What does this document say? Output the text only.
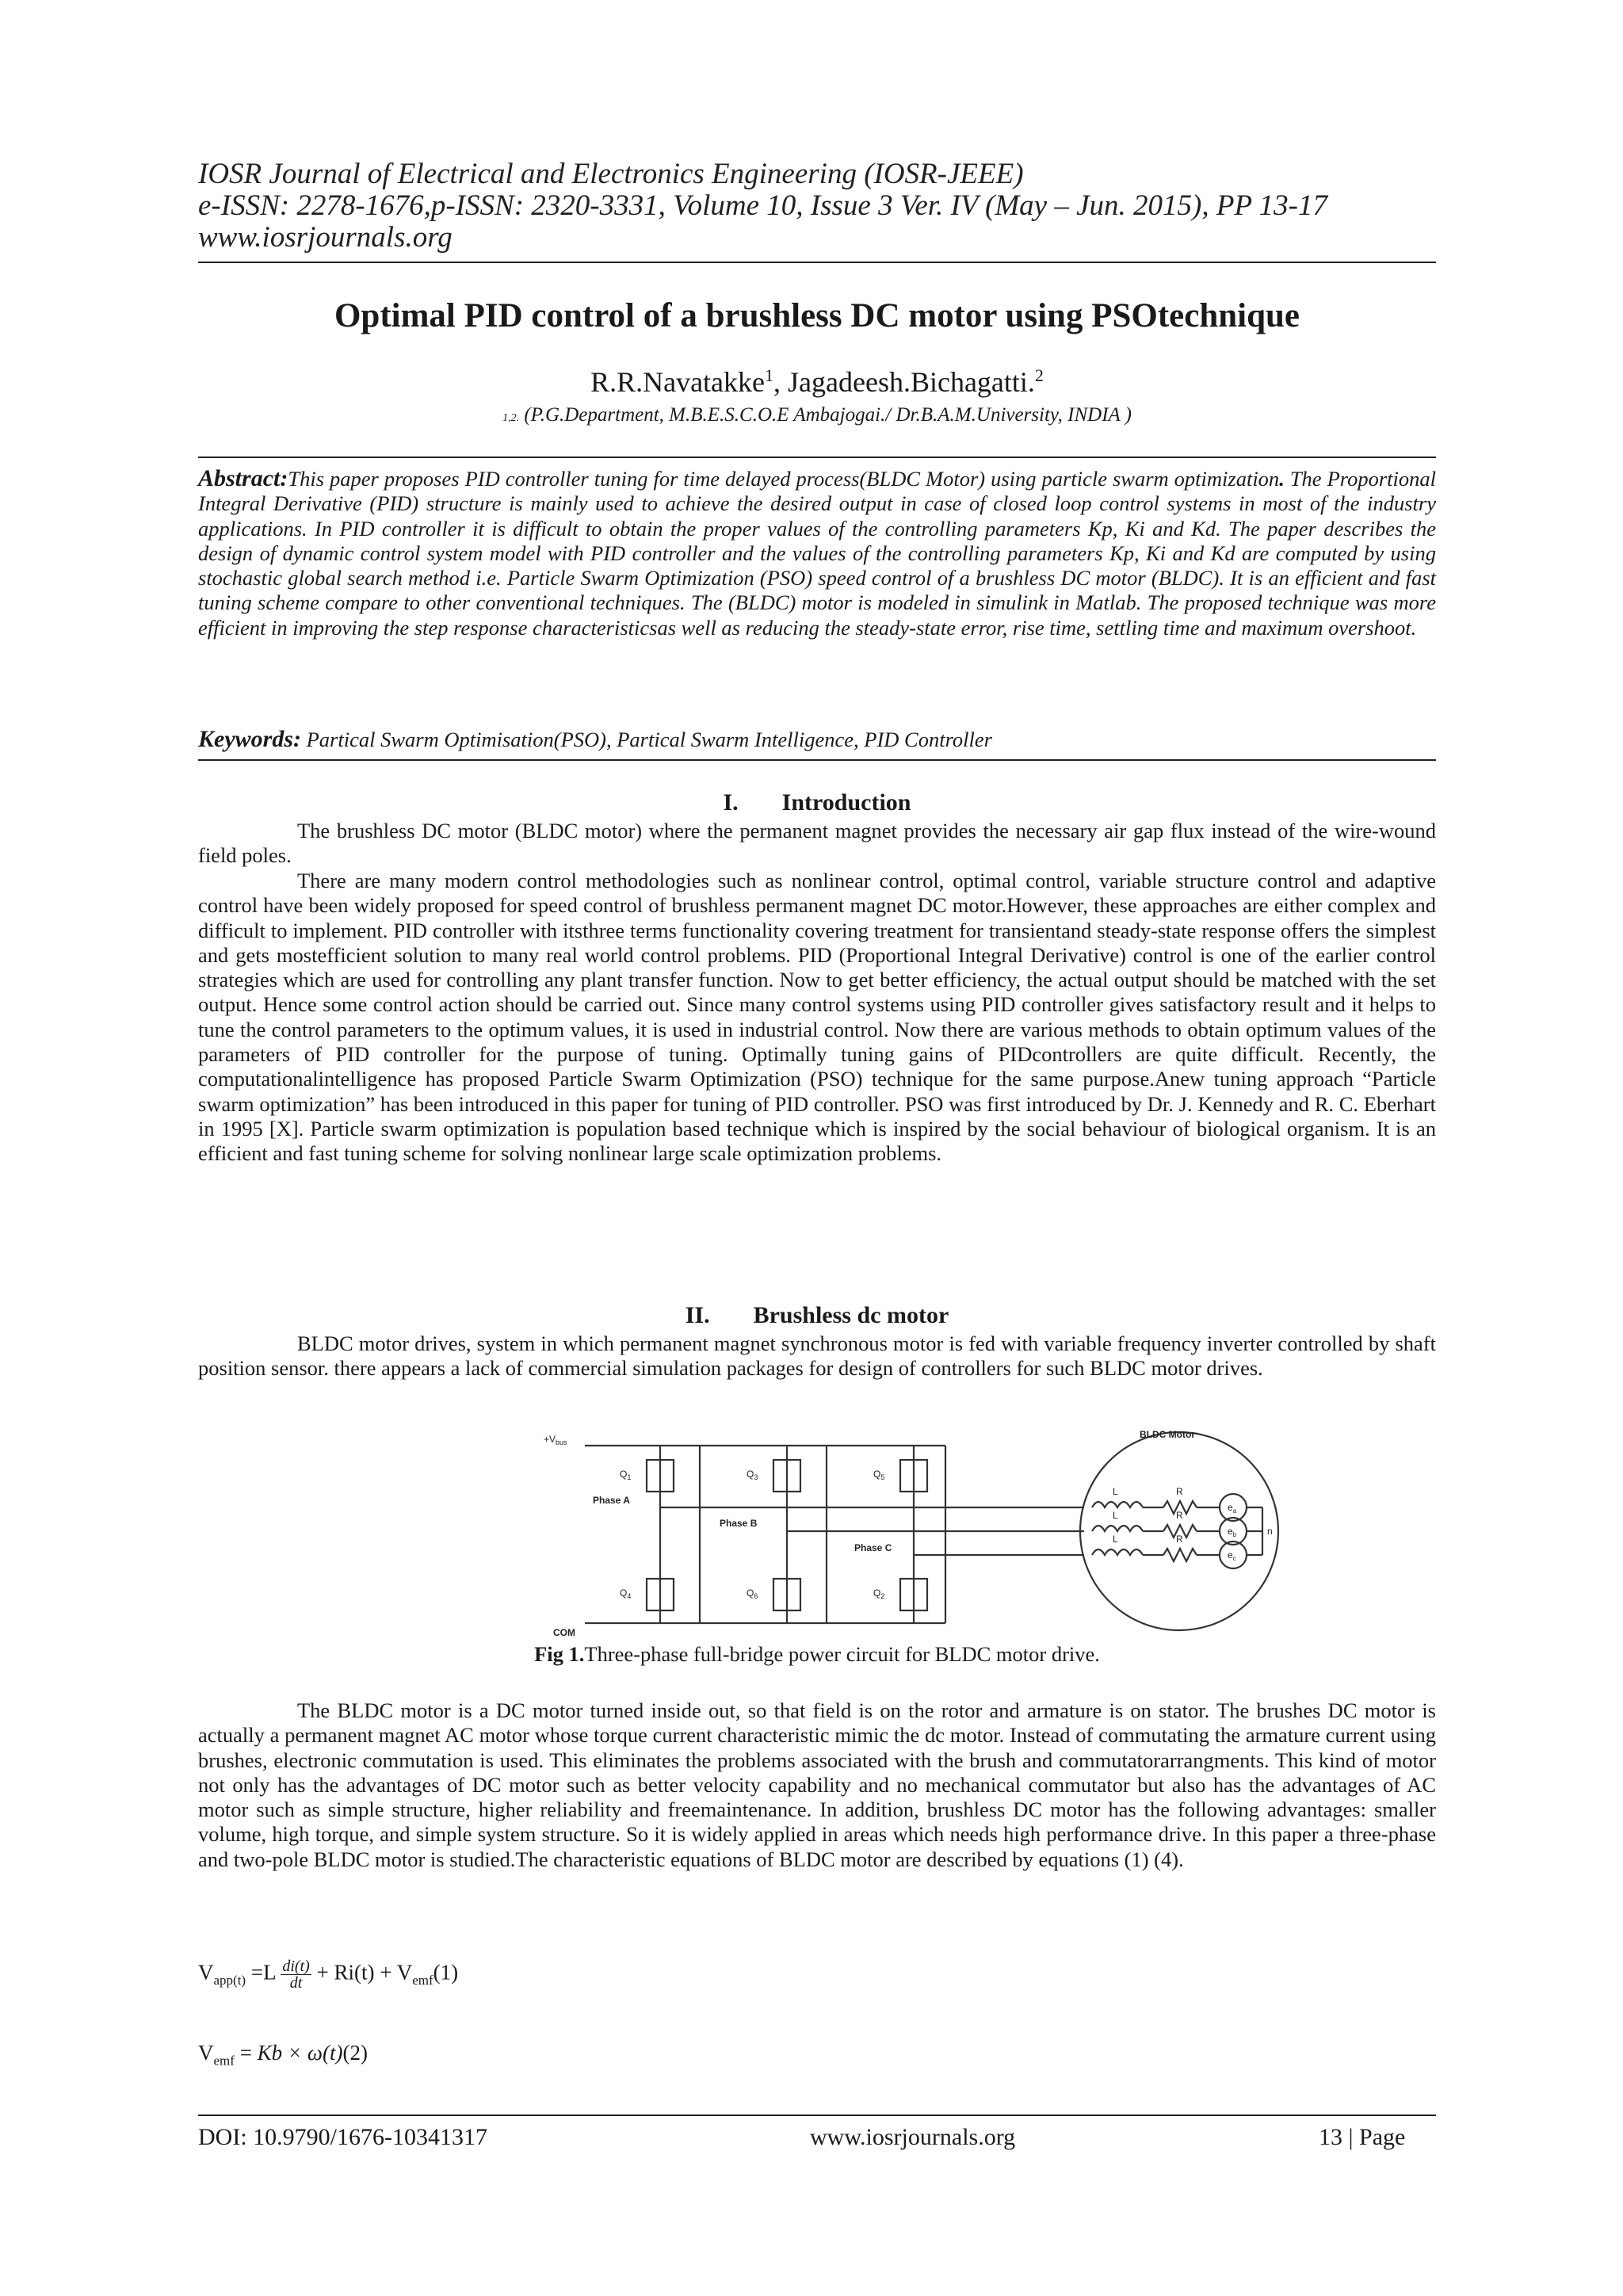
IOSR Journal of Electrical and Electronics Engineering (IOSR-JEEE)
e-ISSN: 2278-1676,p-ISSN: 2320-3331, Volume 10, Issue 3 Ver. IV (May – Jun. 2015), PP 13-17
www.iosrjournals.org
Optimal PID control of a brushless DC motor using PSOtechnique
R.R.Navatakke$^1$, Jagadeesh.Bichagatti.$^2$
1,2. (P.G.Department, M.B.E.S.C.O.E Ambajogai./ Dr.B.A.M.University, INDIA )
Abstract:This paper proposes PID controller tuning for time delayed process(BLDC Motor) using particle swarm optimization. The Proportional Integral Derivative (PID) structure is mainly used to achieve the desired output in case of closed loop control systems in most of the industry applications. In PID controller it is difficult to obtain the proper values of the controlling parameters Kp, Ki and Kd. The paper describes the design of dynamic control system model with PID controller and the values of the controlling parameters Kp, Ki and Kd are computed by using stochastic global search method i.e. Particle Swarm Optimization (PSO) speed control of a brushless DC motor (BLDC). It is an efficient and fast tuning scheme compare to other conventional techniques. The (BLDC) motor is modeled in simulink in Matlab. The proposed technique was more efficient in improving the step response characteristicsas well as reducing the steady-state error, rise time, settling time and maximum overshoot.
Keywords: Partical Swarm Optimisation(PSO), Partical Swarm Intelligence, PID Controller
I. Introduction
The brushless DC motor (BLDC motor) where the permanent magnet provides the necessary air gap flux instead of the wire-wound field poles.
There are many modern control methodologies such as nonlinear control, optimal control, variable structure control and adaptive control have been widely proposed for speed control of brushless permanent magnet DC motor.However, these approaches are either complex and difficult to implement. PID controller with itsthree terms functionality covering treatment for transientand steady-state response offers the simplest and gets mostefficient solution to many real world control problems. PID (Proportional Integral Derivative) control is one of the earlier control strategies which are used for controlling any plant transfer function. Now to get better efficiency, the actual output should be matched with the set output. Hence some control action should be carried out. Since many control systems using PID controller gives satisfactory result and it helps to tune the control parameters to the optimum values, it is used in industrial control. Now there are various methods to obtain optimum values of the parameters of PID controller for the purpose of tuning. Optimally tuning gains of PIDcontrollers are quite difficult. Recently, the computationalintelligence has proposed Particle Swarm Optimization (PSO) technique for the same purpose.Anew tuning approach “Particle swarm optimization” has been introduced in this paper for tuning of PID controller. PSO was first introduced by Dr. J. Kennedy and R. C. Eberhart in 1995 [X]. Particle swarm optimization is population based technique which is inspired by the social behaviour of biological organism. It is an efficient and fast tuning scheme for solving nonlinear large scale optimization problems.
II. Brushless dc motor
BLDC motor drives, system in which permanent magnet synchronous motor is fed with variable frequency inverter controlled by shaft position sensor. there appears a lack of commercial simulation packages for design of controllers for such BLDC motor drives.
$+V_{bus}$
BLDC Motor
Phase A
Phase B
Phase C
COM
$Q_1$	$Q_3$	$Q_5$
$Q_4$	$Q_6$	$Q_2$
L
L
L
R
R
R
$e_a$
$e_b$
$e_c$
n
Fig 1.Three-phase full-bridge power circuit for BLDC motor drive.
The BLDC motor is a DC motor turned inside out, so that field is on the rotor and armature is on stator. The brushes DC motor is actually a permanent magnet AC motor whose torque current characteristic mimic the dc motor. Instead of commutating the armature current using brushes, electronic commutation is used. This eliminates the problems associated with the brush and commutatorarrangments. This kind of motor not only has the advantages of DC motor such as better velocity capability and no mechanical commutator but also has the advantages of AC motor such as simple structure, higher reliability and freemaintenance. In addition, brushless DC motor has the following advantages: smaller volume, high torque, and simple system structure. So it is widely applied in areas which needs high performance drive. In this paper a three-phase and two-pole BLDC motor is studied.The characteristic equations of BLDC motor are described by equations (1) (4).
$V_{app(t)} =L \frac{di(t)}{dt} + Ri(t) + V_{emf}(1)$
$V_{emf} = Kb \times \omega(t)(2)$
DOI: 10.9790/1676-10341317	www.iosrjournals.org	13 | Page
